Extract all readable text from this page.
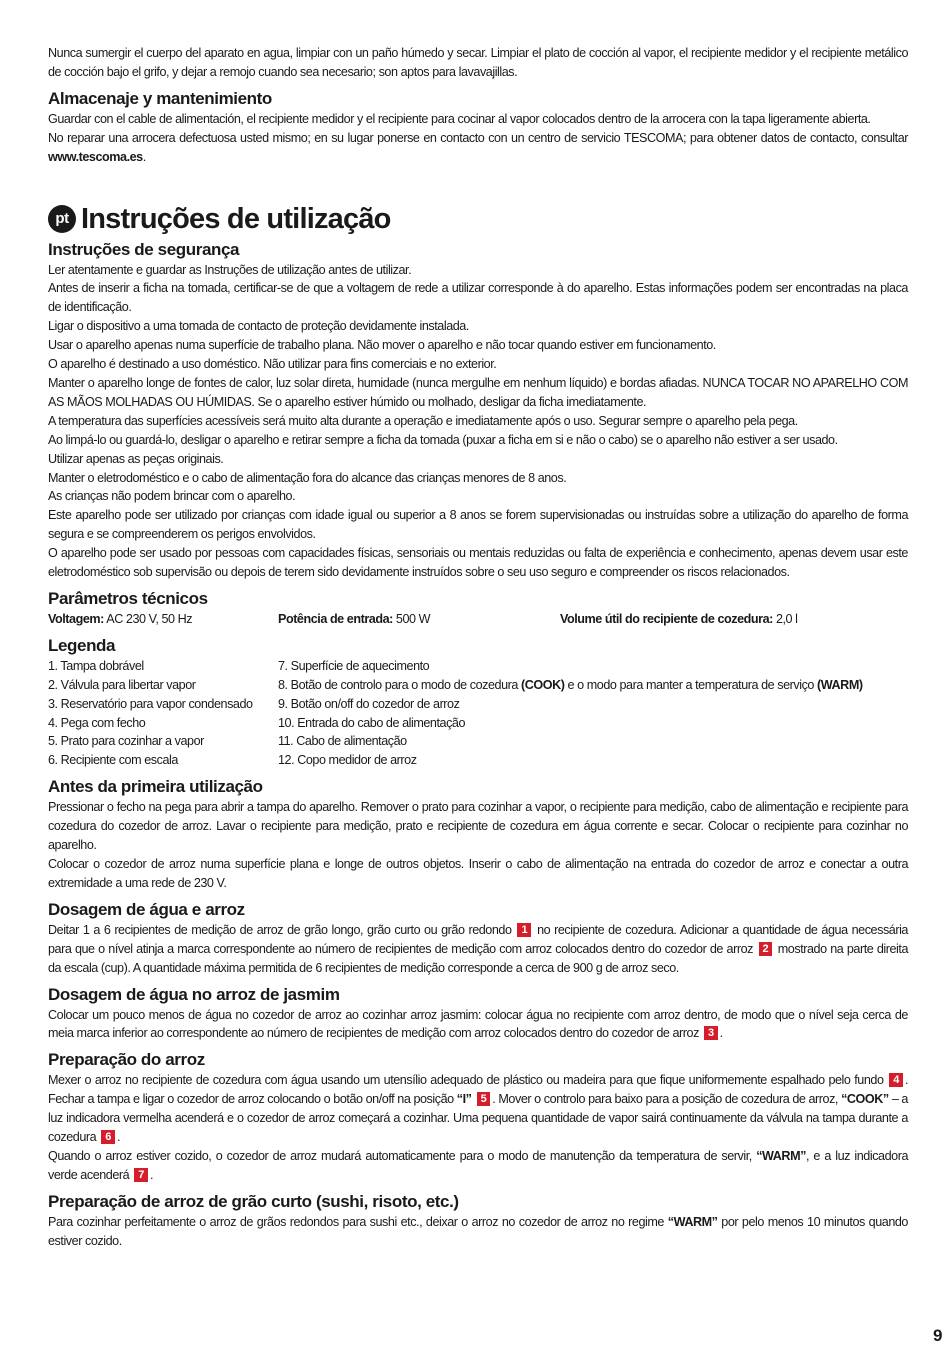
Nunca sumergir el cuerpo del aparato en agua, limpiar con un paño húmedo y secar. Limpiar el plato de cocción al vapor, el recipiente medidor y el recipiente metálico de cocción bajo el grifo, y dejar a remojo cuando sea necesario; son aptos para lavavajillas.

Almacenaje y mantenimiento

Guardar con el cable de alimentación, el recipiente medidor y el recipiente para cocinar al vapor colocados dentro de la arrocera con la tapa ligeramente abierta.

No reparar una arrocera defectuosa usted mismo; en su lugar ponerse en contacto con un centro de servicio TESCOMA; para obtener datos de contacto, consultar www.tescoma.es.

pt Instruções de utilização
Instruções de segurança

Ler atentamente e guardar as Instruções de utilização antes de utilizar.

Antes de inserir a ficha na tomada, certificar-se de que a voltagem de rede a utilizar corresponde à do aparelho. Estas informações podem ser encontradas na placa de identificação.

Ligar o dispositivo a uma tomada de contacto de proteção devidamente instalada.

Usar o aparelho apenas numa superfície de trabalho plana. Não mover o aparelho e não tocar quando estiver em funcionamento.

O aparelho é destinado a uso doméstico. Não utilizar para fins comerciais e no exterior.

Manter o aparelho longe de fontes de calor, luz solar direta, humidade (nunca mergulhe em nenhum líquido) e bordas afiadas. NUNCA TOCAR NO APARELHO COM AS MÃOS MOLHADAS OU HÚMIDAS. Se o aparelho estiver húmido ou molhado, desligar da ficha imediatamente.

A temperatura das superfícies acessíveis será muito alta durante a operação e imediatamente após o uso. Segurar sempre o aparelho pela pega.

Ao limpá-lo ou guardá-lo, desligar o aparelho e retirar sempre a ficha da tomada (puxar a ficha em si e não o cabo) se o aparelho não estiver a ser usado.

Utilizar apenas as peças originais.

Manter o eletrodoméstico e o cabo de alimentação fora do alcance das crianças menores de 8 anos.

As crianças não podem brincar com o aparelho.

Este aparelho pode ser utilizado por crianças com idade igual ou superior a 8 anos se forem supervisionadas ou instruídas sobre a utilização do aparelho de forma segura e se compreenderem os perigos envolvidos.

O aparelho pode ser usado por pessoas com capacidades físicas, sensoriais ou mentais reduzidas ou falta de experiência e conhecimento, apenas devem usar este eletrodoméstico sob supervisão ou depois de terem sido devidamente instruídos sobre o seu uso seguro e compreender os riscos relacionados.

Parâmetros técnicos
Voltagem: AC 230 V, 50 Hz	Potência de entrada: 500 W	Volume útil do recipiente de cozedura: 2,0 l
Legenda
1. Tampa dobrável
2. Válvula para libertar vapor
3. Reservatório para vapor condensado
4. Pega com fecho
5. Prato para cozinhar a vapor
6. Recipiente com escala
7. Superfície de aquecimento
8. Botão de controlo para o modo de cozedura (COOK) e o modo para manter a temperatura de serviço (WARM)
9. Botão on/off do cozedor de arroz
10. Entrada do cabo de alimentação
11. Cabo de alimentação
12. Copo medidor de arroz
Antes da primeira utilização

Pressionar o fecho na pega para abrir a tampa do aparelho. Remover o prato para cozinhar a vapor, o recipiente para medição, cabo de alimentação e recipiente para cozedura do cozedor de arroz. Lavar o recipiente para medição, prato e recipiente de cozedura em água corrente e secar. Colocar o recipiente para cozinhar no aparelho.

Colocar o cozedor de arroz numa superfície plana e longe de outros objetos. Inserir o cabo de alimentação na entrada do cozedor de arroz e conectar a outra extremidade a uma rede de 230 V.

Dosagem de água e arroz

Deitar 1 a 6 recipientes de medição de arroz de grão longo, grão curto ou grão redondo 1 no recipiente de cozedura. Adicionar a quantidade de água necessária para que o nível atinja a marca correspondente ao número de recipientes de medição com arroz colocados dentro do cozedor de arroz 2 mostrado na parte direita da escala (cup). A quantidade máxima permitida de 6 recipientes de medição corresponde a cerca de 900 g de arroz seco.

Dosagem de água no arroz de jasmim

Colocar um pouco menos de água no cozedor de arroz ao cozinhar arroz jasmim: colocar água no recipiente com arroz dentro, de modo que o nível seja cerca de meia marca inferior ao correspondente ao número de recipientes de medição com arroz colocados dentro do cozedor de arroz 3 .

Preparação do arroz

Mexer o arroz no recipiente de cozedura com água usando um utensílio adequado de plástico ou madeira para que fique uniformemente espalhado pelo fundo 4 . Fechar a tampa e ligar o cozedor de arroz colocando o botão on/off na posição “I” 5 . Mover o controlo para baixo para a posição de cozedura de arroz, “COOK” – a luz indicadora vermelha acenderá e o cozedor de arroz começará a cozinhar. Uma pequena quantidade de vapor sairá continuamente da válvula na tampa durante a cozedura 6 .

Quando o arroz estiver cozido, o cozedor de arroz mudará automaticamente para o modo de manutenção da temperatura de servir, “WARM”, e a luz indicadora verde acenderá 7 .

Preparação de arroz de grão curto (sushi, risoto, etc.)

Para cozinhar perfeitamente o arroz de grãos redondos para sushi etc., deixar o arroz no cozedor de arroz no regime “WARM” por pelo menos 10 minutos quando estiver cozido.

9
